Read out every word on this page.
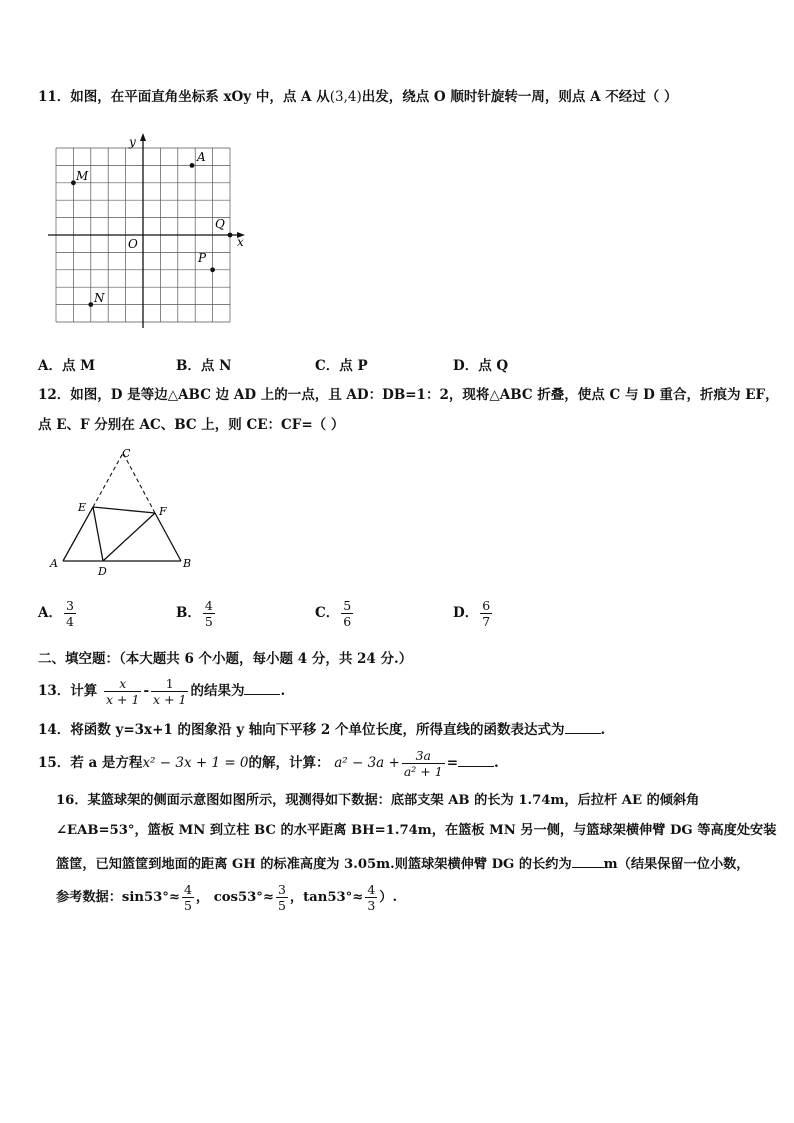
11．如图，在平面直角坐标系 xOy 中，点 A 从(3,4)出发，绕点 O 顺时针旋转一周，则点 A 不经过（ ）
y
x
O
A
M
Q
P
N
A．点 M	B．点 N	C．点 P	D．点 Q
12．如图，D 是等边△ABC 边 AD 上的一点，且 AD：DB=1：2，现将△ABC 折叠，使点 C 与 D 重合，折痕为 EF，
点 E、F 分别在 AC、BC 上，则 CE：CF=（ ）
C
E	F
A
D
B
A． $\frac{3}{4}$	B． $\frac{4}{5}$	C． $\frac{5}{6}$	D． $\frac{6}{7}$
二、填空题：（本大题共 6 个小题，每小题 4 分，共 24 分.）
13．计算 $\frac{x}{x + 1} - \frac{1}{x + 1}$ 的结果为	.
14．将函数 y=3x+1 的图象沿 y 轴向下平移 2 个单位长度，所得直线的函数表达式为	.
15．若 a 是方程x² − 3x + 1 = 0的解，计算： $a^2 - 3a + \frac{3a}{\text{a² + 1}}$ =	.
16．某篮球架的侧面示意图如图所示，现测得如下数据：底部支架 AB 的长为 1.74m，后拉杆 AE 的倾斜角
∠EAB=53°，篮板 MN 到立柱 BC 的水平距离 BH=1.74m，在篮板 MN 另一侧，与篮球架横伸臂 DG 等高度处安装
篮筐，已知篮筐到地面的距离 GH 的标准高度为 3.05m.则篮球架横伸臂 DG 的长约为 m（结果保留一位小数，
参考数据：$\sin 53^\circ\approx \frac{4}{5}$ ， $\cos 53^\circ\approx \frac{3}{5}$ ，$\tan 53^\circ\approx \frac{4}{3}$ ）.
